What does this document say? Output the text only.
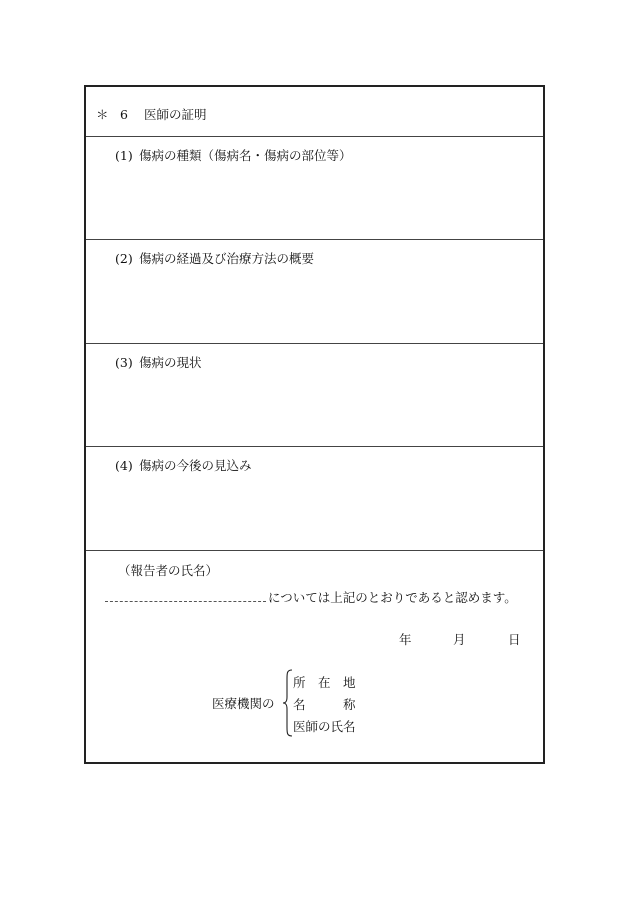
＊ 6 医師の証明
(1) 傷病の種類（傷病名・傷病の部位等）
(2) 傷病の経過及び治療方法の概要
(3) 傷病の現状
(4) 傷病の今後の見込み
（報告者の氏名）
については上記のとおりであると認めます。
年	月	日
医療機関の
所　在　地
名　　　称
医師の氏名
